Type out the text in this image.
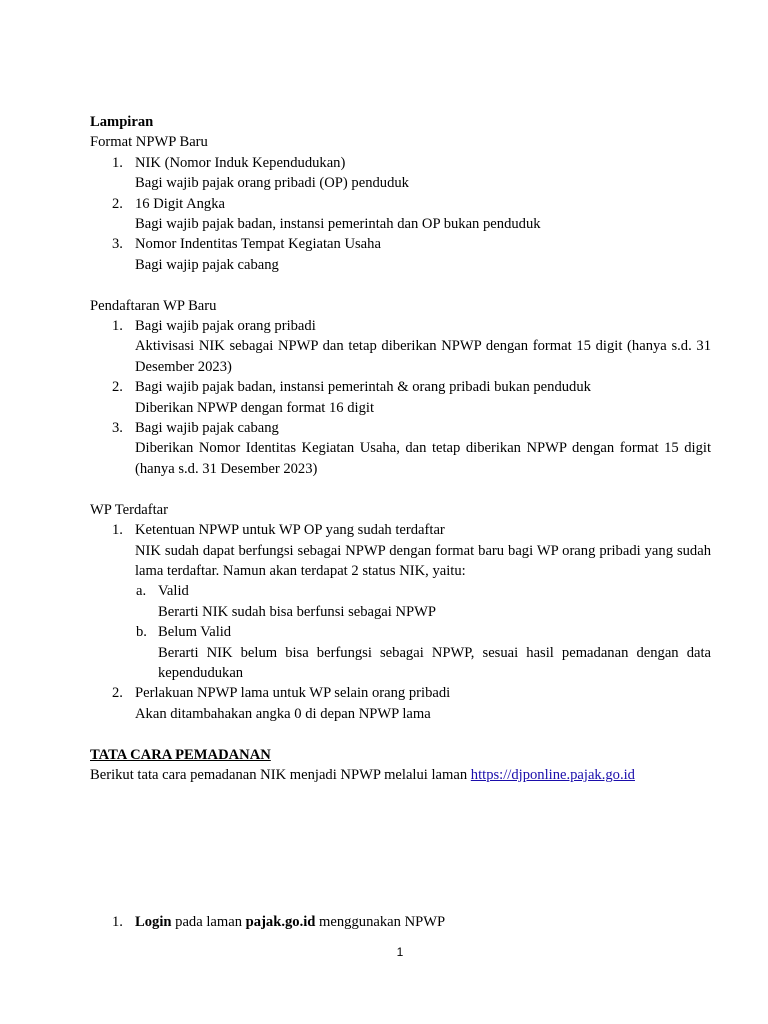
Lampiran
Format NPWP Baru
1. NIK (Nomor Induk Kependudukan)
Bagi wajib pajak orang pribadi (OP) penduduk
2. 16 Digit Angka
Bagi wajib pajak badan, instansi pemerintah dan OP bukan penduduk
3. Nomor Indentitas Tempat Kegiatan Usaha
Bagi wajip pajak cabang
Pendaftaran WP Baru
1. Bagi wajib pajak orang pribadi
Aktivisasi NIK sebagai NPWP dan tetap diberikan NPWP dengan format 15 digit (hanya s.d. 31 Desember 2023)
2. Bagi wajib pajak badan, instansi pemerintah & orang pribadi bukan penduduk
Diberikan NPWP dengan format 16 digit
3. Bagi wajib pajak cabang
Diberikan Nomor Identitas Kegiatan Usaha, dan tetap diberikan NPWP dengan format 15 digit (hanya s.d. 31 Desember 2023)
WP Terdaftar
1. Ketentuan NPWP untuk WP OP yang sudah terdaftar
NIK sudah dapat berfungsi sebagai NPWP dengan format baru bagi WP orang pribadi yang sudah lama terdaftar. Namun akan terdapat 2 status NIK, yaitu:
a. Valid
Berarti NIK sudah bisa berfunsi sebagai NPWP
b. Belum Valid
Berarti NIK belum bisa berfungsi sebagai NPWP, sesuai hasil pemadanan dengan data kependudukan
2. Perlakuan NPWP lama untuk WP selain orang pribadi
Akan ditambahakan angka 0 di depan NPWP lama
TATA CARA PEMADANAN
Berikut tata cara pemadanan NIK menjadi NPWP melalui laman https://djponline.pajak.go.id
1. Login pada laman pajak.go.id menggunakan NPWP
1
